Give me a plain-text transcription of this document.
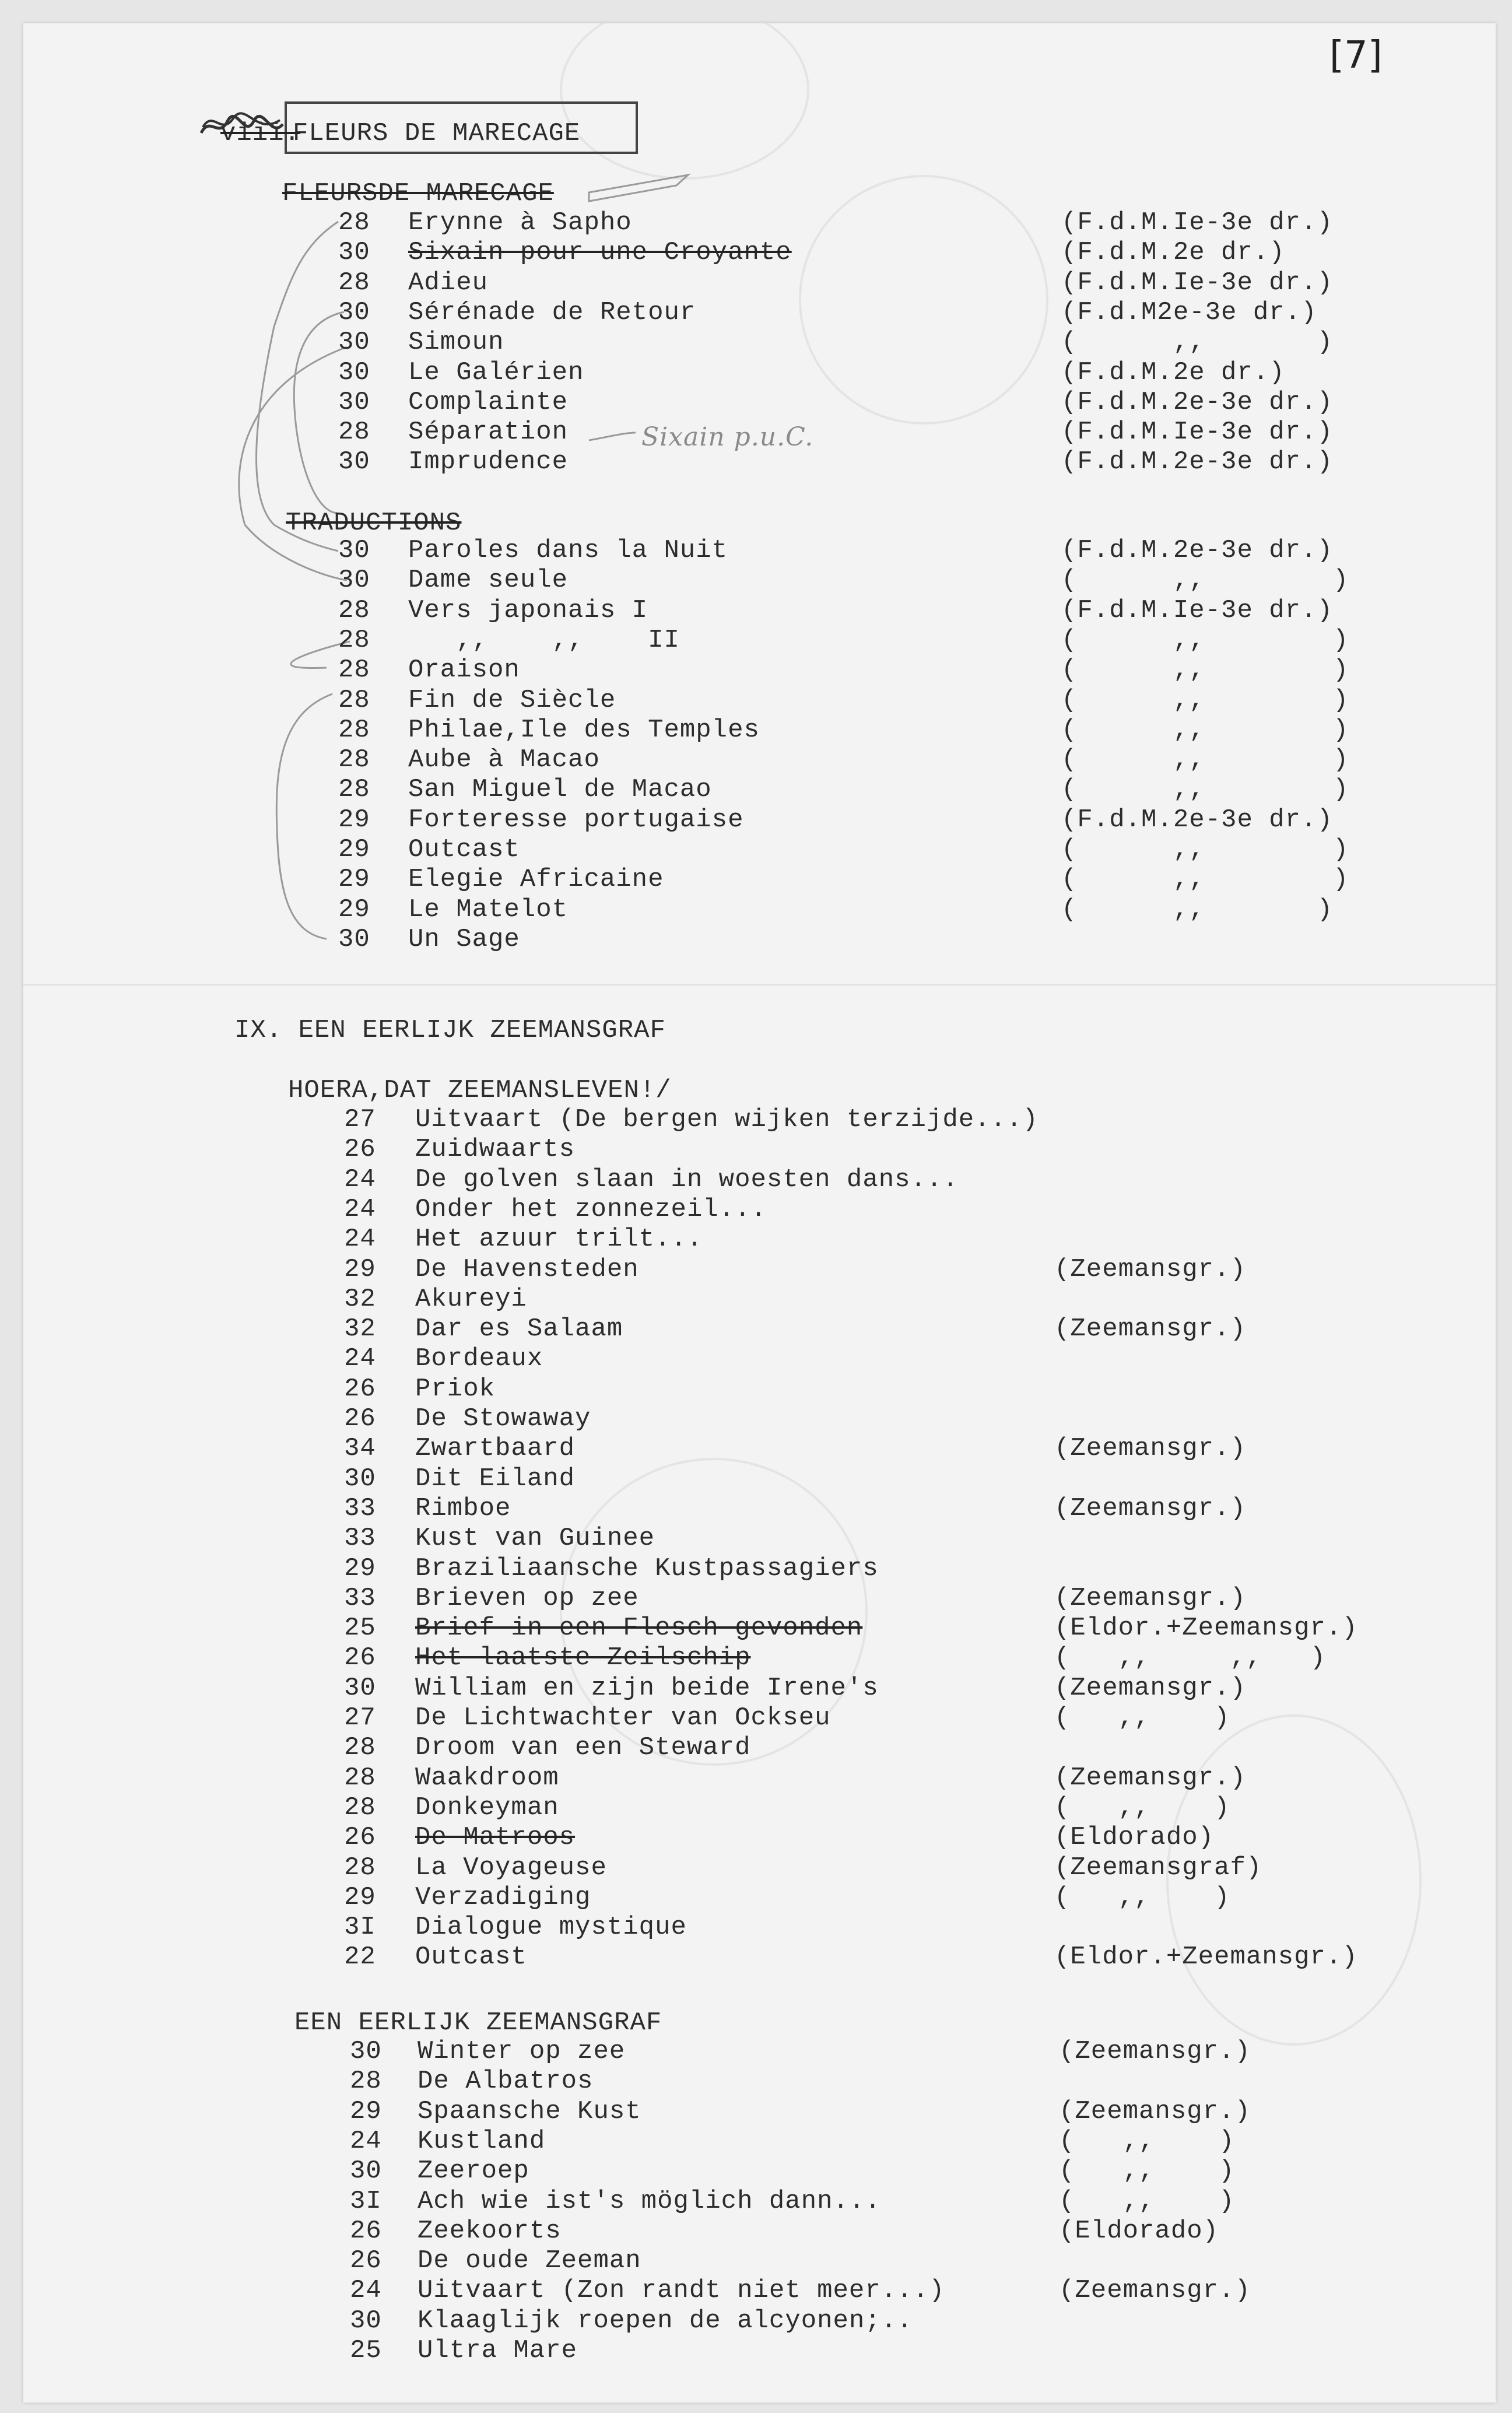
[7]
FLEURS DE MARECAGE
viii.
FLEURSDE MARECAGE
28 Erynne à Sapho	(F.d.M.Ie-3e dr.)
30 Sixain pour une Croyante	(F.d.M.2e dr.)
28 Adieu	(F.d.M.Ie-3e dr.)
30 Sérénade de Retour	(F.d.M2e-3e dr.)
30 Simoun	(      ,,       )
30 Le Galérien	(F.d.M.2e dr.)
30 Complainte	(F.d.M.2e-3e dr.)
28 Séparation	(F.d.M.Ie-3e dr.)
30 Imprudence	(F.d.M.2e-3e dr.)
Sixain p.u.C.
TRADUCTIONS
30 Paroles dans la Nuit	(F.d.M.2e-3e dr.)
30 Dame seule	(      ,,        )
28 Vers japonais I	(F.d.M.Ie-3e dr.)
28 ,,    ,,    II	(      ,,        )
28 Oraison	(      ,,        )
28 Fin de Siècle	(      ,,        )
28 Philae,Ile des Temples	(      ,,        )
28 Aube à Macao	(      ,,        )
28 San Miguel de Macao	(      ,,        )
29 Forteresse portugaise	(F.d.M.2e-3e dr.)
29 Outcast	(      ,,        )
29 Elegie Africaine	(      ,,        )
29 Le Matelot	(      ,,       )
30 Un Sage
IX. EEN EERLIJK ZEEMANSGRAF
HOERA,DAT ZEEMANSLEVEN!/
27 Uitvaart (De bergen wijken terzijde...)
26 Zuidwaarts
24 De golven slaan in woesten dans...
24 Onder het zonnezeil...
24 Het azuur trilt...
29 De Havensteden	(Zeemansgr.)
32 Akureyi
32 Dar es Salaam	(Zeemansgr.)
24 Bordeaux
26 Priok
26 De Stowaway
34 Zwartbaard	(Zeemansgr.)
30 Dit Eiland
33 Rimboe	(Zeemansgr.)
33 Kust van Guinee
29 Braziliaansche Kustpassagiers
33 Brieven op zee	(Zeemansgr.)
25 Brief in een Flesch gevonden	(Eldor.+Zeemansgr.)
26 Het laatste Zeilschip	(   ,,     ,,   )
30 William en zijn beide Irene's	(Zeemansgr.)
27 De Lichtwachter van Ockseu	(   ,,    )
28 Droom van een Steward
28 Waakdroom	(Zeemansgr.)
28 Donkeyman	(   ,,    )
26 De Matroos	(Eldorado)
28 La Voyageuse	(Zeemansgraf)
29 Verzadiging	(   ,,    )
3I Dialogue mystique
22 Outcast	(Eldor.+Zeemansgr.)
EEN EERLIJK ZEEMANSGRAF
30 Winter op zee	(Zeemansgr.)
28 De Albatros
29 Spaansche Kust	(Zeemansgr.)
24 Kustland	(   ,,    )
30 Zeeroep	(   ,,    )
3I Ach wie ist's möglich dann...	(   ,,    )
26 Zeekoorts	(Eldorado)
26 De oude Zeeman
24 Uitvaart (Zon randt niet meer...)	(Zeemansgr.)
30 Klaaglijk roepen de alcyonen;..
25 Ultra Mare
